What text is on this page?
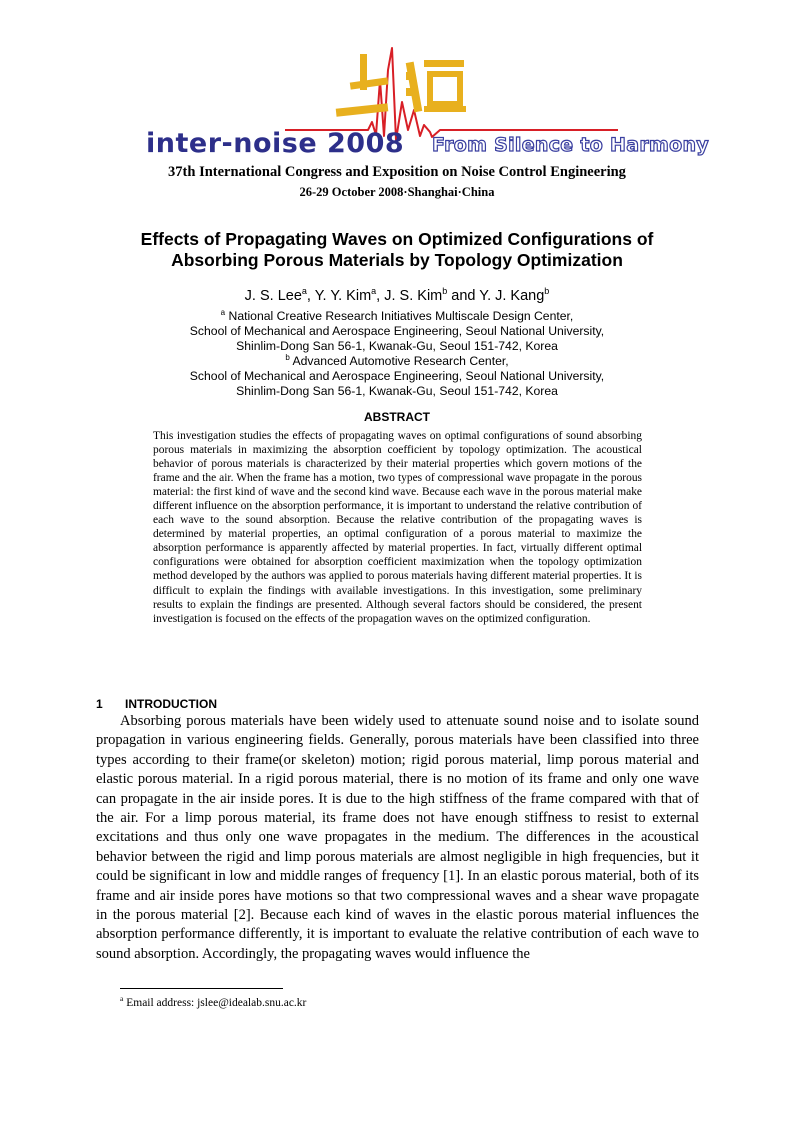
inter-noise 2008 From Silence to Harmony
37th International Congress and Exposition on Noise Control Engineering
26-29 October 2008·Shanghai·China
Effects of Propagating Waves on Optimized Configurations of
Absorbing Porous Materials by Topology Optimization
J. S. Lee$^a$, Y. Y. Kim$^a$, J. S. Kim$^b$ and Y. J. Kang$^b$
$^a$ National Creative Research Initiatives Multiscale Design Center,
School of Mechanical and Aerospace Engineering, Seoul National University,
Shinlim-Dong San 56-1, Kwanak-Gu, Seoul 151-742, Korea
$^b$ Advanced Automotive Research Center,
School of Mechanical and Aerospace Engineering, Seoul National University,
Shinlim-Dong San 56-1, Kwanak-Gu, Seoul 151-742, Korea
ABSTRACT
This investigation studies the effects of propagating waves on optimal configurations of sound absorbing porous materials in maximizing the absorption coefficient by topology optimization. The acoustical behavior of porous materials is characterized by their material properties which govern motions of the frame and the air. When the frame has a motion, two types of compressional wave propagate in the porous material: the first kind of wave and the second kind wave. Because each wave in the porous material make different influence on the absorption performance, it is important to understand the relative contribution of each wave to the sound absorption. Because the relative contribution of the propagating waves is determined by material properties, an optimal configuration of a porous material to maximize the absorption performance is apparently affected by material properties. In fact, virtually different optimal configurations were obtained for absorption coefficient maximization when the topology optimization method developed by the authors was applied to porous materials having different material properties. It is difficult to explain the findings with available investigations. In this investigation, some preliminary results to explain the findings are presented. Although several factors should be considered, the present investigation is focused on the effects of the propagation waves on the optimized configuration.
1 INTRODUCTION
Absorbing porous materials have been widely used to attenuate sound noise and to isolate sound propagation in various engineering fields. Generally, porous materials have been classified into three types according to their frame(or skeleton) motion; rigid porous material, limp porous material and elastic porous material. In a rigid porous material, there is no motion of its frame and only one wave can propagate in the air inside pores. It is due to the high stiffness of the frame compared with that of the air. For a limp porous material, its frame does not have enough stiffness to resist to external excitations and thus only one wave propagates in the medium. The differences in the acoustical behavior between the rigid and limp porous materials are almost negligible in high frequencies, but it could be significant in low and middle ranges of frequency [1]. In an elastic porous material, both of its frame and air inside pores have motions so that two compressional waves and a shear wave propagate in the porous material [2]. Because each kind of waves in the elastic porous material influences the absorption performance differently, it is important to evaluate the relative contribution of each wave to sound absorption. Accordingly, the propagating waves would influence the
$^a$ Email address: jslee@idealab.snu.ac.kr
